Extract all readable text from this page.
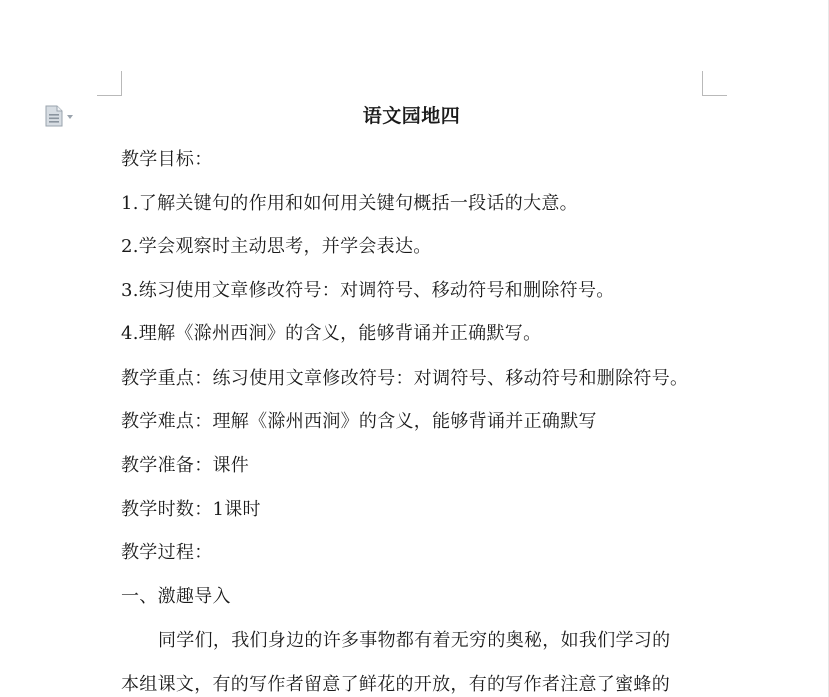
语文园地四
教学目标：
1.了解关键句的作用和如何用关键句概括一段话的大意。
2.学会观察时主动思考，并学会表达。
3.练习使用文章修改符号：对调符号、移动符号和删除符号。
4.理解《滁州西涧》的含义，能够背诵并正确默写。
教学重点：练习使用文章修改符号：对调符号、移动符号和删除符号。
教学难点：理解《滁州西涧》的含义，能够背诵并正确默写
教学准备：课件
教学时数：1课时
教学过程：
一、激趣导入
同学们，我们身边的许多事物都有着无穷的奥秘，如我们学习的
本组课文，有的写作者留意了鲜花的开放，有的写作者注意了蜜蜂的
